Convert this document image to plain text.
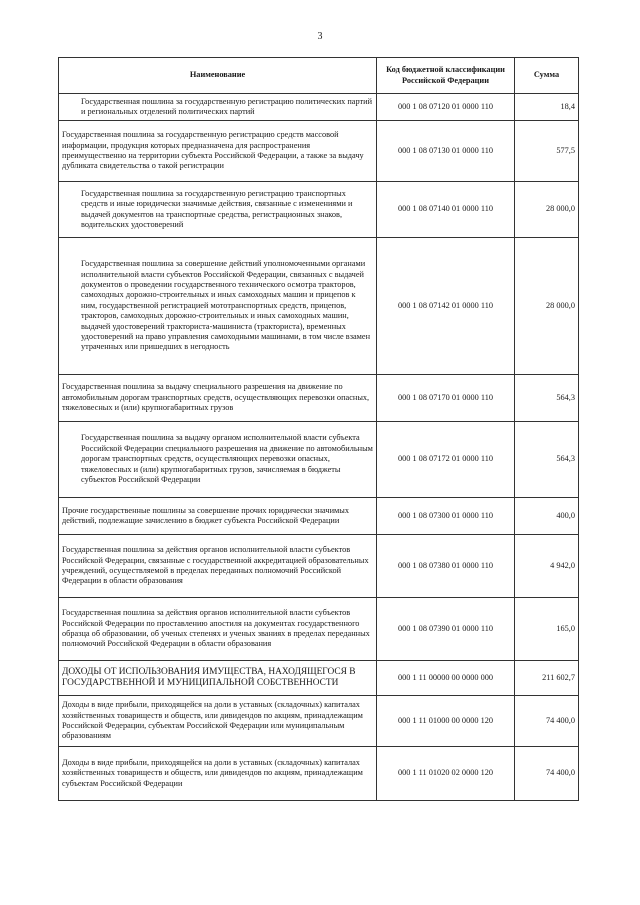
3
Наименование	Код бюджетной классификации Российской Федерации	Сумма
Государственная пошлина за государственную регистрацию политических партий и региональных отделений политических партий	000 1 08 07120 01 0000 110	18,4
Государственная пошлина за государственную регистрацию средств массовой информации, продукция которых предназначена для распространения преимущественно на территории субъекта Российской Федерации, а также за выдачу дубликата свидетельства о такой регистрации	000 1 08 07130 01 0000 110	577,5
Государственная пошлина за государственную регистрацию транспортных средств и иные юридически значимые действия, связанные с изменениями и выдачей документов на транспортные средства, регистрационных знаков, водительских удостоверений	000 1 08 07140 01 0000 110	28 000,0
Государственная пошлина за совершение действий уполномоченными органами исполнительной власти субъектов Российской Федерации, связанных с выдачей документов о проведении государственного технического осмотра тракторов, самоходных дорожно-строительных и иных самоходных машин и прицепов к ним, государственной регистрацией мототранспортных средств, прицепов, тракторов, самоходных дорожно-строительных и иных самоходных машин, выдачей удостоверений тракториста-машиниста (тракториста), временных удостоверений на право управления самоходными машинами, в том числе взамен утраченных или пришедших в негодность	000 1 08 07142 01 0000 110	28 000,0
Государственная пошлина за выдачу специального разрешения на движение по автомобильным дорогам транспортных средств, осуществляющих перевозки опасных, тяжеловесных и (или) крупногабаритных грузов	000 1 08 07170 01 0000 110	564,3
Государственная пошлина за выдачу органом исполнительной власти субъекта Российской Федерации специального разрешения на движение по автомобильным дорогам транспортных средств, осуществляющих перевозки опасных, тяжеловесных и (или) крупногабаритных грузов, зачисляемая в бюджеты субъектов Российской Федерации	000 1 08 07172 01 0000 110	564,3
Прочие государственные пошлины за совершение прочих юридически значимых действий, подлежащие зачислению в бюджет субъекта Российской Федерации	000 1 08 07300 01 0000 110	400,0
Государственная пошлина за действия органов исполнительной власти субъектов Российской Федерации, связанные с государственной аккредитацией образовательных учреждений, осуществляемой в пределах переданных полномочий Российской Федерации в области образования	000 1 08 07380 01 0000 110	4 942,0
Государственная пошлина за действия органов исполнительной власти субъектов Российской Федерации по проставлению апостиля на документах государственного образца об образовании, об ученых степенях и ученых званиях в пределах переданных полномочий Российской Федерации в области образования	000 1 08 07390 01 0000 110	165,0
ДОХОДЫ ОТ ИСПОЛЬЗОВАНИЯ ИМУЩЕСТВА, НАХОДЯЩЕГОСЯ В ГОСУДАРСТВЕННОЙ И МУНИЦИПАЛЬНОЙ СОБСТВЕННОСТИ	000 1 11 00000 00 0000 000	211 602,7
Доходы в виде прибыли, приходящейся на доли в уставных (складочных) капиталах хозяйственных товариществ и обществ, или дивидендов по акциям, принадлежащим Российской Федерации, субъектам Российской Федерации или муниципальным образованиям	000 1 11 01000 00 0000 120	74 400,0
Доходы в виде прибыли, приходящейся на доли в уставных (складочных) капиталах хозяйственных товариществ и обществ, или дивидендов по акциям, принадлежащим субъектам Российской Федерации	000 1 11 01020 02 0000 120	74 400,0
